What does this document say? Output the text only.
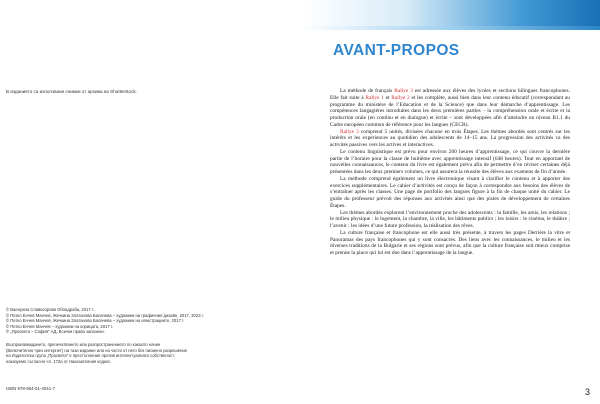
В изданието са използвани снимки от архива на Shutterstock.
© Ваенуина Славкоорова Обладраба, 2017 г.
© Петко Енчев Манчев, Жечкина Златанова Балачева – художник на графичния дизайн, 2017, 2023 г.
© Петко Енчев Манчев, Жечкина Златанова Балачева – художник на илюстрациите, 2017 г.
© Петко Енчев Манчев – художник на корицата, 2017 г.
© „Просвета – София“ АД, Всички права запазени.
Възпроизвеждането, препечатването или разпространението по какъвто начин
(Включително чрез интернет) на тази издание или на части от него без писмено разрешение
на Издателска група „Просвета“ е престъпление против интелектуалната собственост,
наказуемо съгласно чл. 172а от Наказателния кодекс.
ISBN 978-954-01-4041-7
AVANT-PROPOS

La méthode de français Rallye 3 est adressée aux élèves des lycées et sections bilingues francophones. Elle fait suite à Rallye 1 et Rallye 2 et les complète, aussi bien dans leur contenu éducatif (correspondant au programme du ministère de l’Education et de la Science) que dans leur démarche d’apprentissage. Les compétences langagières introduites dans les deux premières parties – la compréhension orale et écrite et la production orale (en continu et en dialogue) et écrite – sont développées afin d’atteindre un niveau B1.1 du Cadre européen commun de référence pour les langues (CECR).

Rallye 3 comprend 5 unités, divisées chacune en trois Étapes. Les thèmes abordés sont centrés sur les intérêts et les expériences au quotidien des adolescents de 14–15 ans. La progression des activités va des activités passives vers les actives et interactives.

Le contenu linguistique est prévu pour environ 200 heures d’apprentissage, ce qui couvre la dernière partie de l’horaire pour la classe de huitième avec apprentissage intensif (648 heures). Tout en apportant de nouvelles connaissances, le contenu du livre est également prévu afin de permettre d’en réviser certaines déjà présentées dans les deux premiers volumes, ce qui assurera la réussite des élèves aux examens de fin d’année.

La méthode comprend également un livre électronique visant à clarifier le contenu et à apporter des exercices supplémentaires. Le cahier d’activités est conçu de façon à correspondre aux besoins des élèves de s’entraîner après les classes. Une page de portfolio des langues figure à la fin de chaque unité du cahier. Le guide du professeur prévoit des réponses aux activités ainsi que des pistes de développement de certaines Étapes.

Les thèmes abordés explorent l’environnement proche des adolescents : la famille, les amis, les relations ; le milieu physique : le logement, la chambre, la ville, les bâtiments publics ; les loisirs : le cinéma, le théâtre ; l’avenir : les idées d’une future profession, la réalisation des rêves.

La culture française et francophone est elle aussi très présente, à travers les pages Derrière la vitre et Panoramas des pays francophones qui y sont consacrés. Des liens avec les connaissances, le milieu et les diverses traditions de la Bulgarie et ses régions sont prévus, afin que la culture française soit mieux comprise et prenne la place qui lui est due dans l’apprentissage de la langue.

3
